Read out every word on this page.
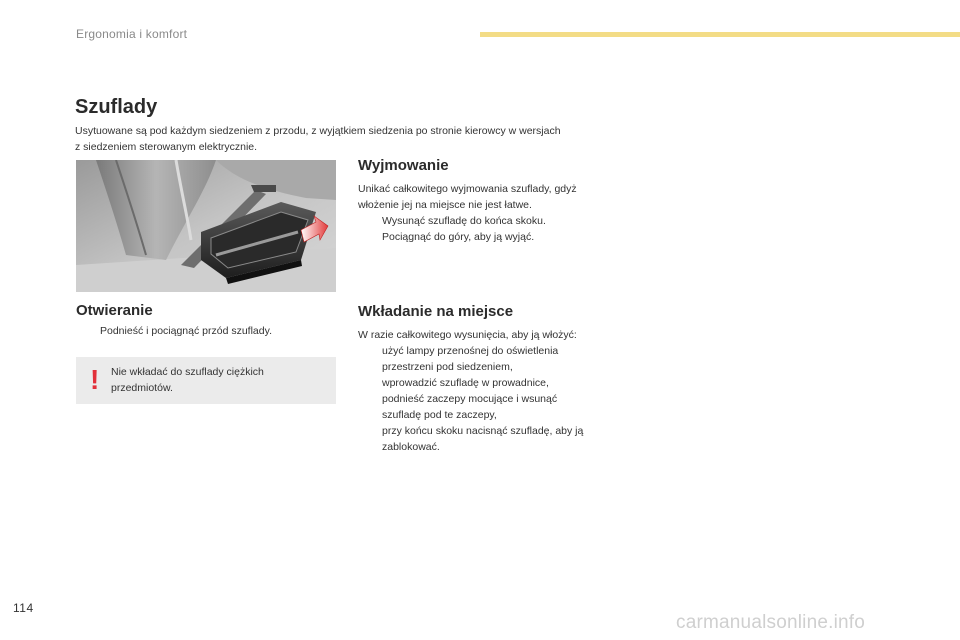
Ergonomia i komfort
Szuflady
Usytuowane są pod każdym siedzeniem z przodu, z wyjątkiem siedzenia po stronie kierowcy w wersjach
z siedzeniem sterowanym elektrycznie.
Otwieranie
Podnieść i pociągnąć przód szuflady.
! Nie wkładać do szuflady ciężkich
przedmiotów.
Wyjmowanie
Unikać całkowitego wyjmowania szuflady, gdyż
włożenie jej na miejsce nie jest łatwe.
Wysunąć szufladę do końca skoku.
Pociągnąć do góry, aby ją wyjąć.
Wkładanie na miejsce
W razie całkowitego wysunięcia, aby ją włożyć:
użyć lampy przenośnej do oświetlenia
przestrzeni pod siedzeniem,
wprowadzić szufladę w prowadnice,
podnieść zaczepy mocujące i wsunąć
szufladę pod te zaczepy,
przy końcu skoku nacisnąć szufladę, aby ją
zablokować.
114
carmanualsonline.info
